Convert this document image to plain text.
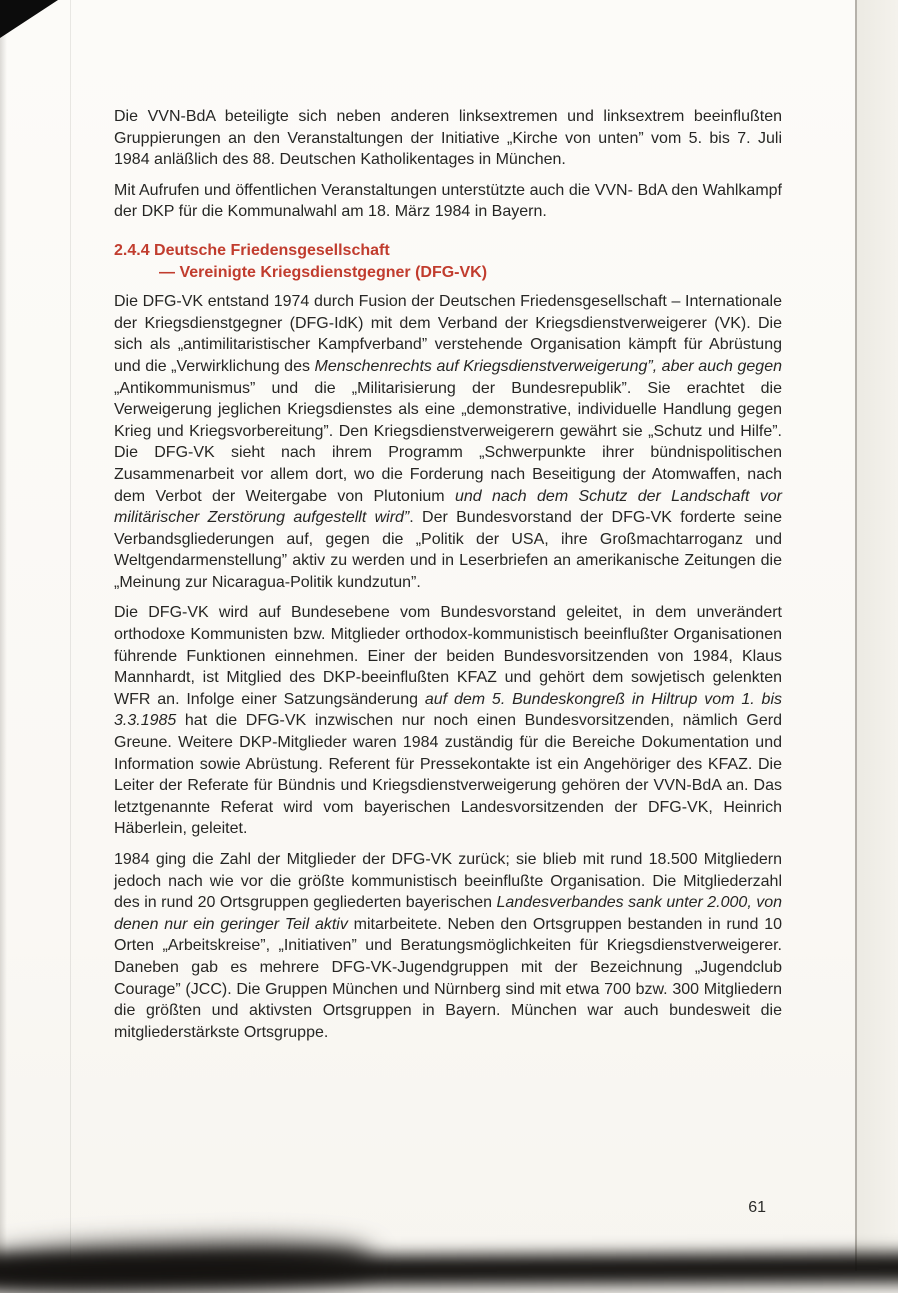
Die VVN-BdA beteiligte sich neben anderen linksextremen und linksextrem beeinflußten Gruppierungen an den Veranstaltungen der Initiative „Kirche von unten” vom 5. bis 7. Juli 1984 anläßlich des 88. Deutschen Katholikentages in München.

Mit Aufrufen und öffentlichen Veranstaltungen unterstützte auch die VVN- BdA den Wahlkampf der DKP für die Kommunalwahl am 18. März 1984 in Bayern.

2.4.4 Deutsche Friedensgesellschaft
— Vereinigte Kriegsdienstgegner (DFG-VK)

Die DFG-VK entstand 1974 durch Fusion der Deutschen Friedensgesellschaft – Internationale der Kriegsdienstgegner (DFG-IdK) mit dem Verband der Kriegsdienstverweigerer (VK). Die sich als „antimilitaristischer Kampfverband” verstehende Organisation kämpft für Abrüstung und die „Verwirklichung des Menschenrechts auf Kriegsdienstverweigerung”, aber auch gegen „Antikommunismus” und die „Militarisierung der Bundesrepublik”. Sie erachtet die Verweigerung jeglichen Kriegsdienstes als eine „demonstrative, individuelle Handlung gegen Krieg und Kriegsvorbereitung”. Den Kriegsdienstverweigerern gewährt sie „Schutz und Hilfe”. Die DFG-VK sieht nach ihrem Programm „Schwerpunkte ihrer bündnispolitischen Zusammenarbeit vor allem dort, wo die Forderung nach Beseitigung der Atomwaffen, nach dem Verbot der Weitergabe von Plutonium und nach dem Schutz der Landschaft vor militärischer Zerstörung aufgestellt wird”. Der Bundesvorstand der DFG-VK forderte seine Verbandsgliederungen auf, gegen die „Politik der USA, ihre Großmachtarroganz und Weltgendarmenstellung” aktiv zu werden und in Leserbriefen an amerikanische Zeitungen die „Meinung zur Nicaragua-Politik kundzutun”.

Die DFG-VK wird auf Bundesebene vom Bundesvorstand geleitet, in dem unverändert orthodoxe Kommunisten bzw. Mitglieder orthodox-kommunistisch beeinflußter Organisationen führende Funktionen einnehmen. Einer der beiden Bundesvorsitzenden von 1984, Klaus Mannhardt, ist Mitglied des DKP-beeinflußten KFAZ und gehört dem sowjetisch gelenkten WFR an. Infolge einer Satzungsänderung auf dem 5. Bundeskongreß in Hiltrup vom 1. bis 3.3.1985 hat die DFG-VK inzwischen nur noch einen Bundesvorsitzenden, nämlich Gerd Greune. Weitere DKP-Mitglieder waren 1984 zuständig für die Bereiche Dokumentation und Information sowie Abrüstung. Referent für Pressekontakte ist ein Angehöriger des KFAZ. Die Leiter der Referate für Bündnis und Kriegsdienstverweigerung gehören der VVN-BdA an. Das letztgenannte Referat wird vom bayerischen Landesvorsitzenden der DFG-VK, Heinrich Häberlein, geleitet.

1984 ging die Zahl der Mitglieder der DFG-VK zurück; sie blieb mit rund 18.500 Mitgliedern jedoch nach wie vor die größte kommunistisch beeinflußte Organisation. Die Mitgliederzahl des in rund 20 Ortsgruppen gegliederten bayerischen Landesverbandes sank unter 2.000, von denen nur ein geringer Teil aktiv mitarbeitete. Neben den Ortsgruppen bestanden in rund 10 Orten „Arbeitskreise”, „Initiativen” und Beratungsmöglichkeiten für Kriegsdienstverweigerer. Daneben gab es mehrere DFG-VK-Jugendgruppen mit der Bezeichnung „Jugendclub Courage” (JCC). Die Gruppen München und Nürnberg sind mit etwa 700 bzw. 300 Mitgliedern die größten und aktivsten Ortsgruppen in Bayern. München war auch bundesweit die mitgliederstärkste Ortsgruppe.

61
